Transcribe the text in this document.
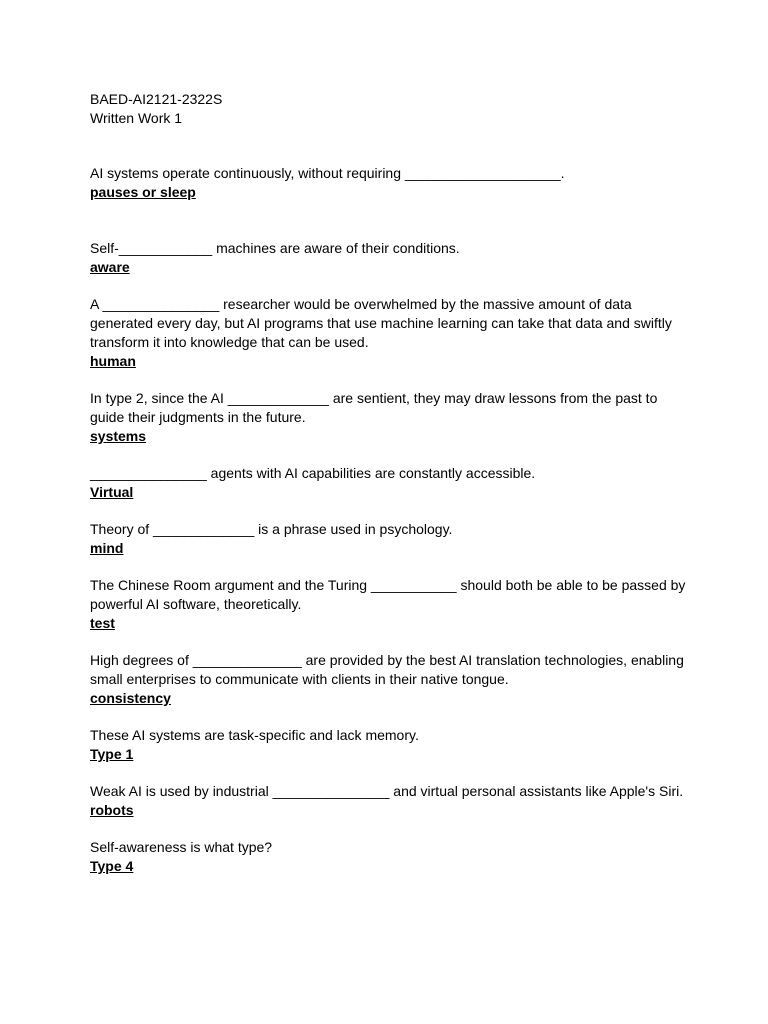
BAED-AI2121-2322S
Written Work 1

AI systems operate continuously, without requiring ____________________.

pauses or sleep

Self-____________ machines are aware of their conditions.

aware

A _______________ researcher would be overwhelmed by the massive amount of data generated every day, but AI programs that use machine learning can take that data and swiftly transform it into knowledge that can be used.

human

In type 2, since the AI _____________ are sentient, they may draw lessons from the past to guide their judgments in the future.

systems

_______________ agents with AI capabilities are constantly accessible.

Virtual

Theory of _____________ is a phrase used in psychology.

mind

The Chinese Room argument and the Turing ___________ should both be able to be passed by powerful AI software, theoretically.

test

High degrees of ______________ are provided by the best AI translation technologies, enabling small enterprises to communicate with clients in their native tongue.

consistency

These AI systems are task-specific and lack memory.

Type 1

Weak AI is used by industrial _______________ and virtual personal assistants like Apple's Siri.

robots

Self-awareness is what type?

Type 4
